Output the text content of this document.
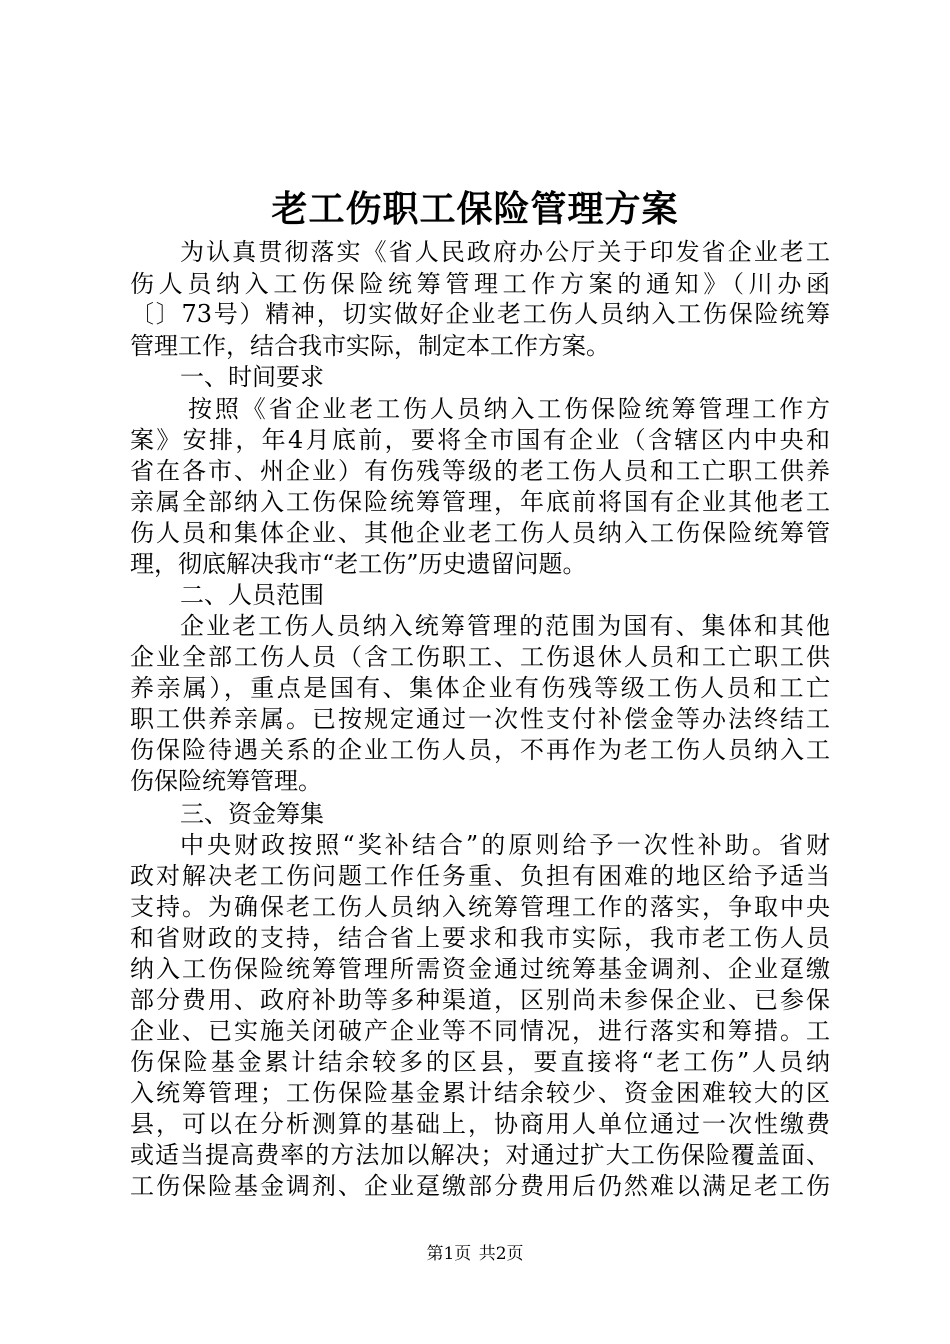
老工伤职工保险管理方案
为认真贯彻落实《省人民政府办公厅关于印发省企业老工
伤人员纳入工伤保险统筹管理工作方案的通知》（川办函
〔〕73号）精神，切实做好企业老工伤人员纳入工伤保险统筹
管理工作，结合我市实际，制定本工作方案。
一、时间要求
按照《省企业老工伤人员纳入工伤保险统筹管理工作方
案》安排，年4月底前，要将全市国有企业（含辖区内中央和
省在各市、州企业）有伤残等级的老工伤人员和工亡职工供养
亲属全部纳入工伤保险统筹管理，年底前将国有企业其他老工
伤人员和集体企业、其他企业老工伤人员纳入工伤保险统筹管
理，彻底解决我市“老工伤”历史遗留问题。
二、人员范围
企业老工伤人员纳入统筹管理的范围为国有、集体和其他
企业全部工伤人员（含工伤职工、工伤退休人员和工亡职工供
养亲属），重点是国有、集体企业有伤残等级工伤人员和工亡
职工供养亲属。已按规定通过一次性支付补偿金等办法终结工
伤保险待遇关系的企业工伤人员，不再作为老工伤人员纳入工
伤保险统筹管理。
三、资金筹集
中央财政按照“奖补结合”的原则给予一次性补助。省财
政对解决老工伤问题工作任务重、负担有困难的地区给予适当
支持。为确保老工伤人员纳入统筹管理工作的落实，争取中央
和省财政的支持，结合省上要求和我市实际，我市老工伤人员
纳入工伤保险统筹管理所需资金通过统筹基金调剂、企业趸缴
部分费用、政府补助等多种渠道，区别尚未参保企业、已参保
企业、已实施关闭破产企业等不同情况，进行落实和筹措。工
伤保险基金累计结余较多的区县，要直接将“老工伤”人员纳
入统筹管理；工伤保险基金累计结余较少、资金困难较大的区
县，可以在分析测算的基础上，协商用人单位通过一次性缴费
或适当提高费率的方法加以解决；对通过扩大工伤保险覆盖面、
工伤保险基金调剂、企业趸缴部分费用后仍然难以满足老工伤
第1页 共2页
